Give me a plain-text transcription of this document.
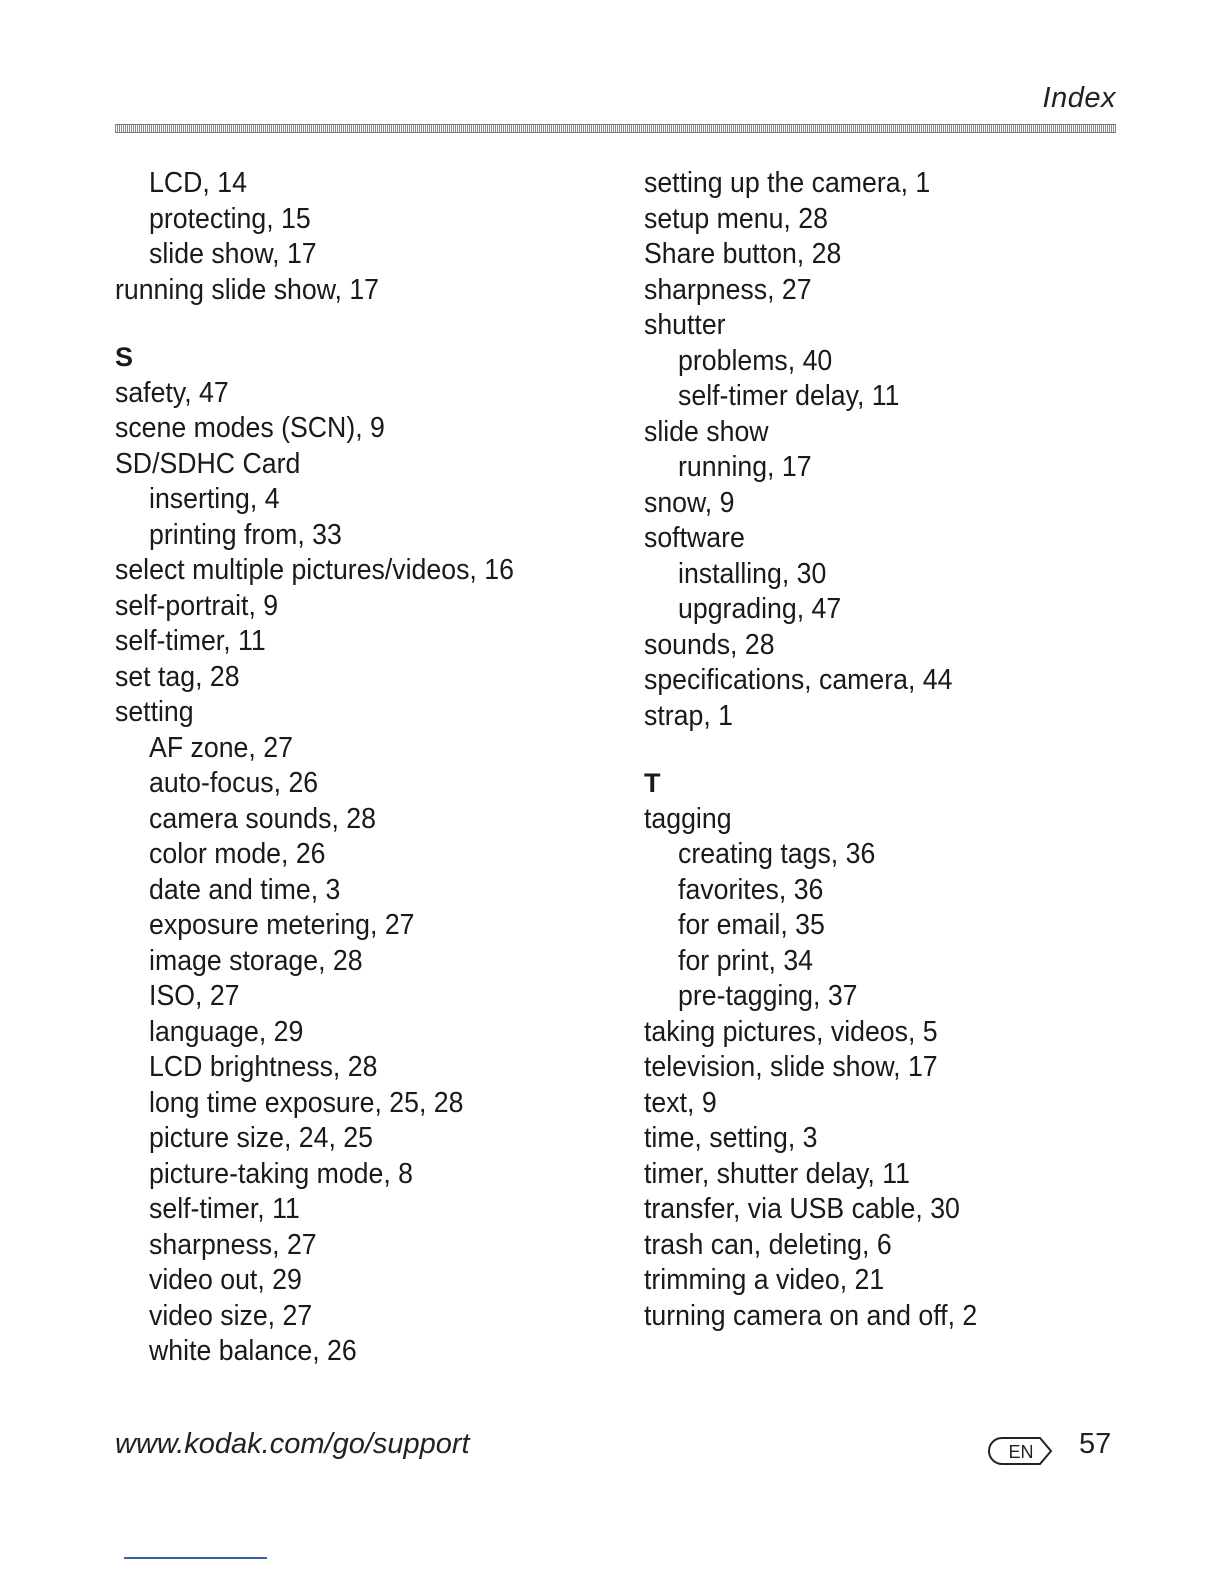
Index
LCD, 14
protecting, 15
slide show, 17
running slide show, 17
S
safety, 47
scene modes (SCN), 9
SD/SDHC Card
inserting, 4
printing from, 33
select multiple pictures/videos, 16
self-portrait, 9
self-timer, 11
set tag, 28
setting
AF zone, 27
auto-focus, 26
camera sounds, 28
color mode, 26
date and time, 3
exposure metering, 27
image storage, 28
ISO, 27
language, 29
LCD brightness, 28
long time exposure, 25, 28
picture size, 24, 25
picture-taking mode, 8
self-timer, 11
sharpness, 27
video out, 29
video size, 27
white balance, 26
setting up the camera, 1
setup menu, 28
Share button, 28
sharpness, 27
shutter
problems, 40
self-timer delay, 11
slide show
running, 17
snow, 9
software
installing, 30
upgrading, 47
sounds, 28
specifications, camera, 44
strap, 1
T
tagging
creating tags, 36
favorites, 36
for email, 35
for print, 34
pre-tagging, 37
taking pictures, videos, 5
television, slide show, 17
text, 9
time, setting, 3
timer, shutter delay, 11
transfer, via USB cable, 30
trash can, deleting, 6
trimming a video, 21
turning camera on and off, 2
www.kodak.com/go/support	EN 57
